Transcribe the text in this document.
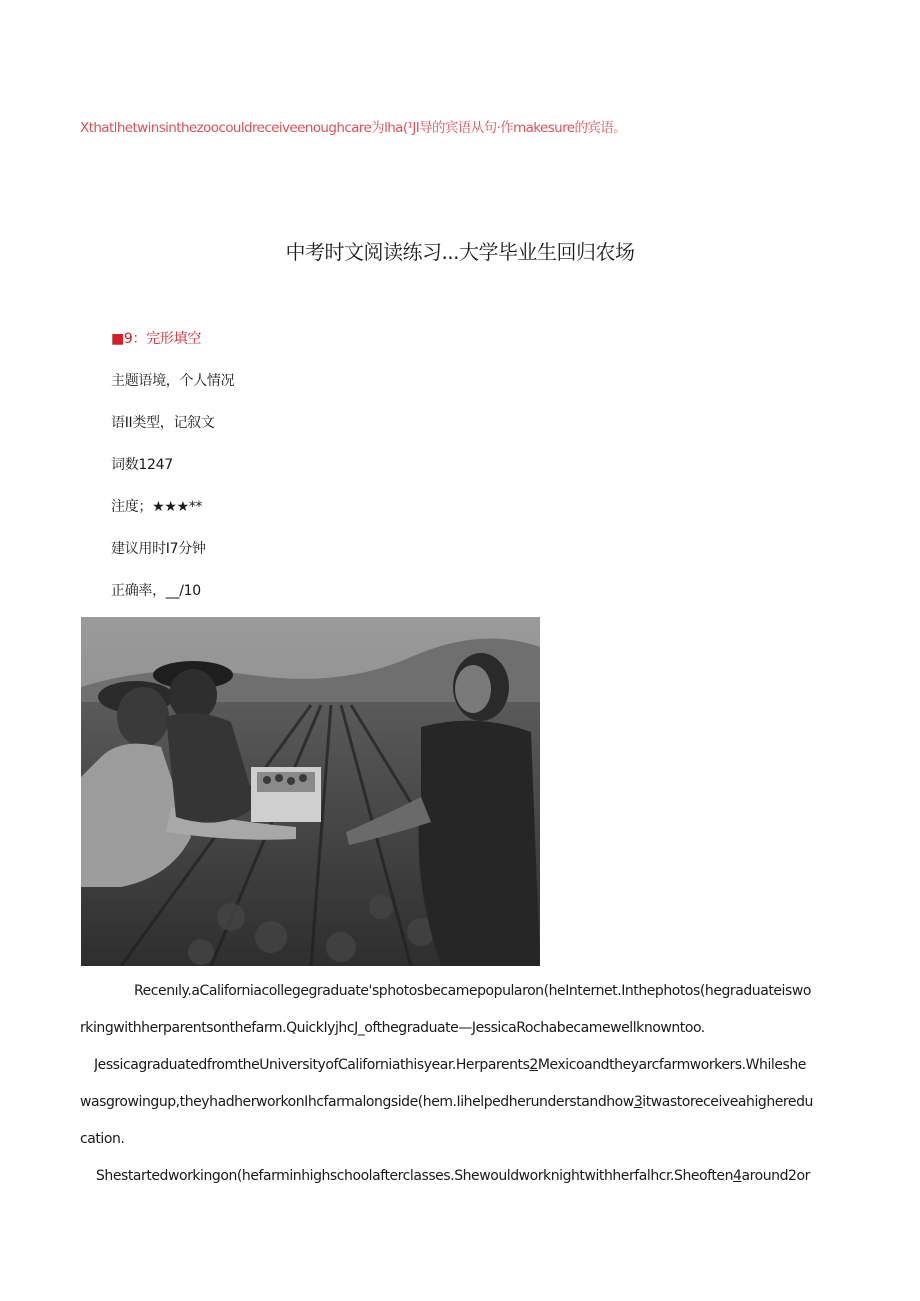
Xthatlhetwinsinthezoocouldreceiveenoughcare为lha(¹JI导的宾语从句·作makesure的宾语。
中考时文阅读练习...大学毕业生回归农场
■9：完形填空
主题语境，个人情况
语II类型，记叙文
词数1247
注度；★★★**
建议用时I7分钟
正确率，__/10
Recenıly.aCaliforniacollegegraduate'sphotosbecamepopularon(heInternet.Inthephotos(hegraduateiswo
rkingwithherparentsonthefarm.QuickIyjhcJ_ofthegraduate—JessicaRochabecamewellknowntoo.
JessicagraduatedfromtheUniversityofCaliforniathisyear.Herparents2Mexicoandtheyarcfarmworkers.Whileshe
wasgrowingup,theyhadherworkonIhcfarmalongside(hem.Iihelpedherunderstandhow3itwastoreceiveahigheredu
cation.
Shestartedworkingon(hefarminhighschoolafterclasses.Shewouldworknightwithherfalhcr.Sheoften4around2or
